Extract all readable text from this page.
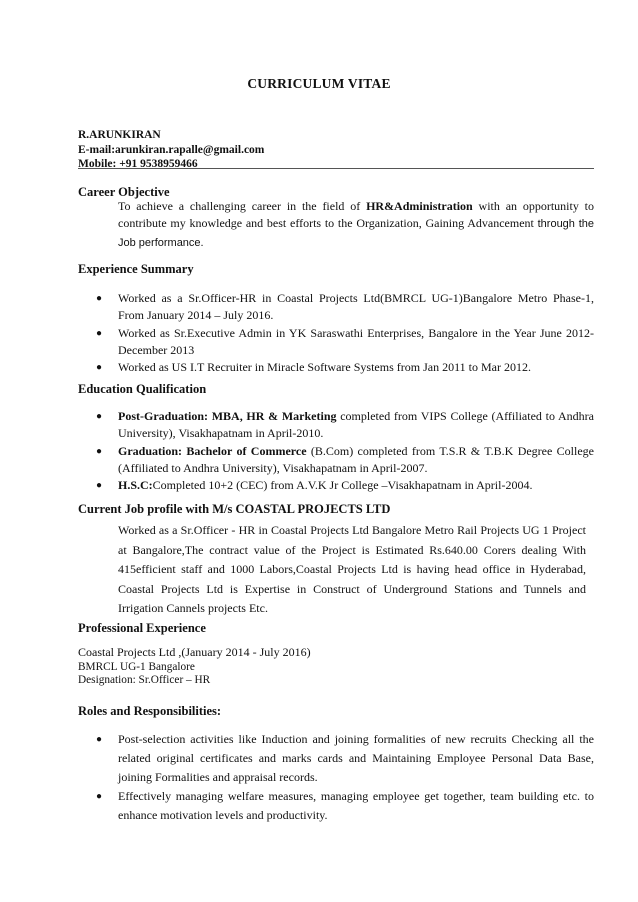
CURRICULUM VITAE
R.ARUNKIRAN
E-mail:arunkiran.rapalle@gmail.com
Mobile: +91 9538959466
Career Objective
To achieve a challenging career in the field of HR&Administration with an opportunity to contribute my knowledge and best efforts to the Organization, Gaining Advancement through the Job performance.
Experience Summary
● Worked as a Sr.Officer-HR in Coastal Projects Ltd(BMRCL UG-1)Bangalore Metro Phase-1, From January 2014 – July 2016.
● Worked as Sr.Executive Admin in YK Saraswathi Enterprises, Bangalore in the Year June 2012- December 2013
● Worked as US I.T Recruiter in Miracle Software Systems from Jan 2011 to Mar 2012.
Education Qualification
● Post-Graduation: MBA, HR & Marketing completed from VIPS College (Affiliated to Andhra University), Visakhapatnam in April-2010.
● Graduation: Bachelor of Commerce (B.Com) completed from T.S.R & T.B.K Degree College (Affiliated to Andhra University), Visakhapatnam in April-2007.
● H.S.C:Completed 10+2 (CEC) from A.V.K Jr College –Visakhapatnam in April-2004.
Current Job profile with M/s COASTAL PROJECTS LTD
Worked as a Sr.Officer - HR in Coastal Projects Ltd Bangalore Metro Rail Projects UG 1 Project at Bangalore,The contract value of the Project is Estimated Rs.640.00 Corers dealing With 415efficient staff and 1000 Labors,Coastal Projects Ltd is having head office in Hyderabad, Coastal Projects Ltd is Expertise in Construct of Underground Stations and Tunnels and Irrigation Cannels projects Etc.
Professional Experience
Coastal Projects Ltd ,(January 2014 - July 2016)
BMRCL UG-1 Bangalore
Designation: Sr.Officer – HR
Roles and Responsibilities:
● Post-selection activities like Induction and joining formalities of new recruits Checking all the related original certificates and marks cards and Maintaining Employee Personal Data Base, joining Formalities and appraisal records.
● Effectively managing welfare measures, managing employee get together, team building etc. to enhance motivation levels and productivity.
